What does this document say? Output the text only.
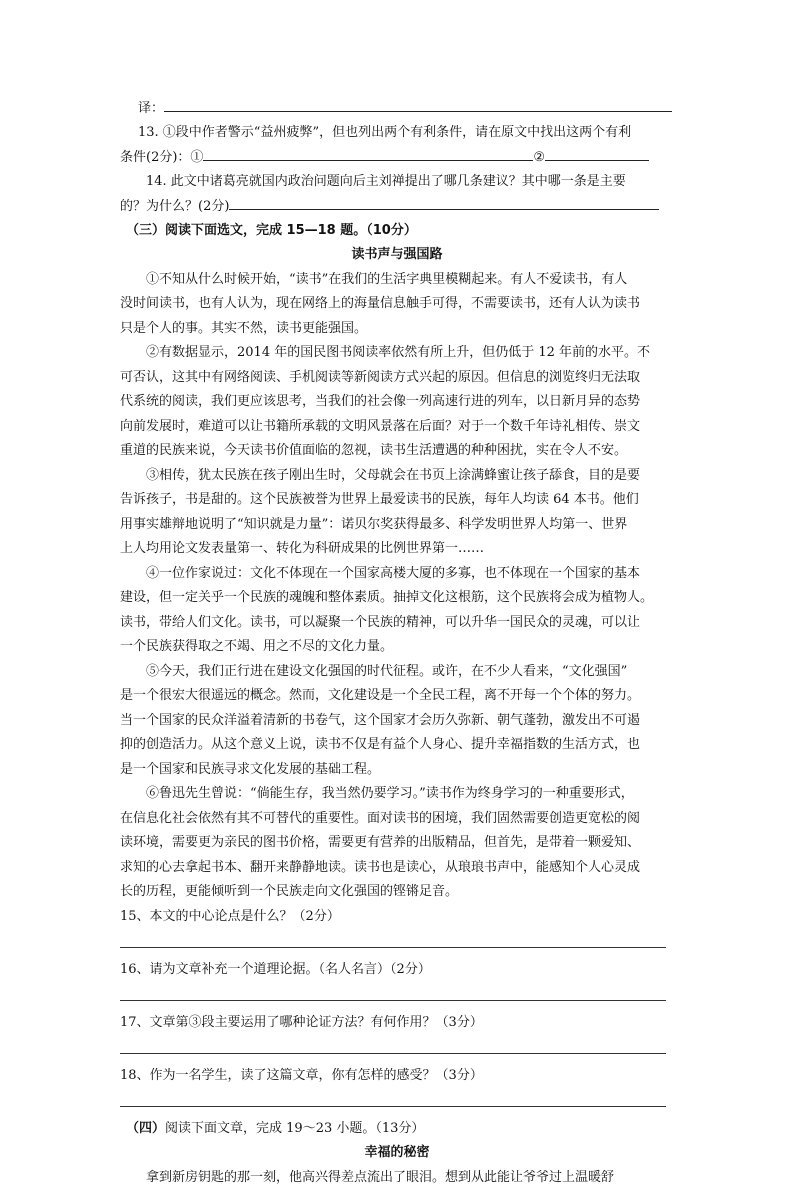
译：
13. ①段中作者警示“益州疲弊”，但也列出两个有利条件，请在原文中找出这两个有利
条件(2分)：①	②
14. 此文中诸葛亮就国内政治问题向后主刘禅提出了哪几条建议？其中哪一条是主要
的？为什么？(2分)
（三）阅读下面选文，完成 15—18 题。（10分）
读书声与强国路
①不知从什么时候开始，“读书”在我们的生活字典里模糊起来。有人不爱读书，有人
没时间读书，也有人认为，现在网络上的海量信息触手可得，不需要读书，还有人认为读书
只是个人的事。其实不然，读书更能强国。
②有数据显示，2014 年的国民图书阅读率依然有所上升，但仍低于 12 年前的水平。不
可否认，这其中有网络阅读、手机阅读等新阅读方式兴起的原因。但信息的浏览终归无法取
代系统的阅读，我们更应该思考，当我们的社会像一列高速行进的列车，以日新月异的态势
向前发展时，难道可以让书籍所承载的文明风景落在后面？对于一个数千年诗礼相传、崇文
重道的民族来说，今天读书价值面临的忽视，读书生活遭遇的种种困扰，实在令人不安。
③相传，犹太民族在孩子刚出生时，父母就会在书页上涂满蜂蜜让孩子舔食，目的是要
告诉孩子，书是甜的。这个民族被誉为世界上最爱读书的民族，每年人均读 64 本书。他们
用事实雄辩地说明了“知识就是力量”：诺贝尔奖获得最多、科学发明世界人均第一、世界
上人均用论文发表量第一、转化为科研成果的比例世界第一……
④一位作家说过：文化不体现在一个国家高楼大厦的多寡，也不体现在一个国家的基本
建设，但一定关乎一个民族的魂魄和整体素质。抽掉文化这根筋，这个民族将会成为植物人。
读书，带给人们文化。读书，可以凝聚一个民族的精神，可以升华一国民众的灵魂，可以让
一个民族获得取之不竭、用之不尽的文化力量。
⑤今天，我们正行进在建设文化强国的时代征程。或许，在不少人看来，“文化强国”
是一个很宏大很遥远的概念。然而，文化建设是一个全民工程，离不开每一个个体的努力。
当一个国家的民众洋溢着清新的书卷气，这个国家才会历久弥新、朝气蓬勃，激发出不可遏
抑的创造活力。从这个意义上说，读书不仅是有益个人身心、提升幸福指数的生活方式，也
是一个国家和民族寻求文化发展的基础工程。
⑥鲁迅先生曾说：“倘能生存，我当然仍要学习。”读书作为终身学习的一种重要形式，
在信息化社会依然有其不可替代的重要性。面对读书的困境，我们固然需要创造更宽松的阅
读环境，需要更为亲民的图书价格，需要更有营养的出版精品，但首先，是带着一颗爱知、
求知的心去拿起书本、翻开来静静地读。读书也是读心，从琅琅书声中，能感知个人心灵成
长的历程，更能倾听到一个民族走向文化强国的铿锵足音。
15、本文的中心论点是什么？（2分）
16、请为文章补充一个道理论据。（名人名言）（2分）
17、文章第③段主要运用了哪种论证方法？有何作用？（3分）
18、作为一名学生，读了这篇文章，你有怎样的感受？（3分）
（四）阅读下面文章，完成 19～23 小题。（13分）
幸福的秘密
拿到新房钥匙的那一刻，他高兴得差点流出了眼泪。想到从此能让爷爷过上温暖舒
